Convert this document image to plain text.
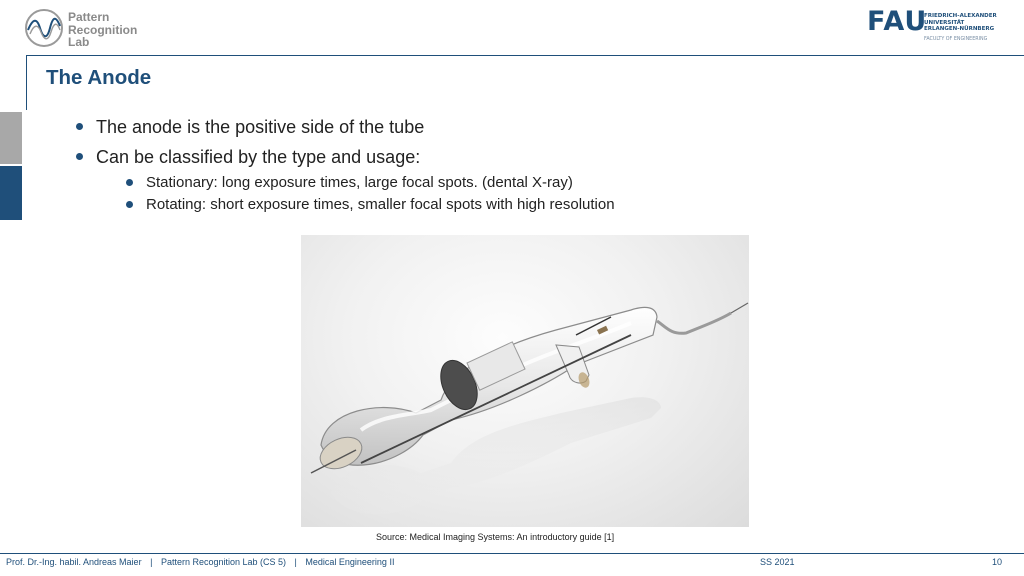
Pattern
Recognition
Lab
FAU
FRIEDRICH-ALEXANDER
UNIVERSITÄT
ERLANGEN-NÜRNBERG
FACULTY OF ENGINEERING
The Anode
The anode is the positive side of the tube
Can be classified by the type and usage:
Stationary: long exposure times, large focal spots. (dental X-ray)
Rotating: short exposure times, smaller focal spots with high resolution
Source: Medical Imaging Systems: An introductory guide [1]
Prof. Dr.-Ing. habil. Andreas Maier | Pattern Recognition Lab (CS 5) | Medical Engineering II	SS 2021	10
